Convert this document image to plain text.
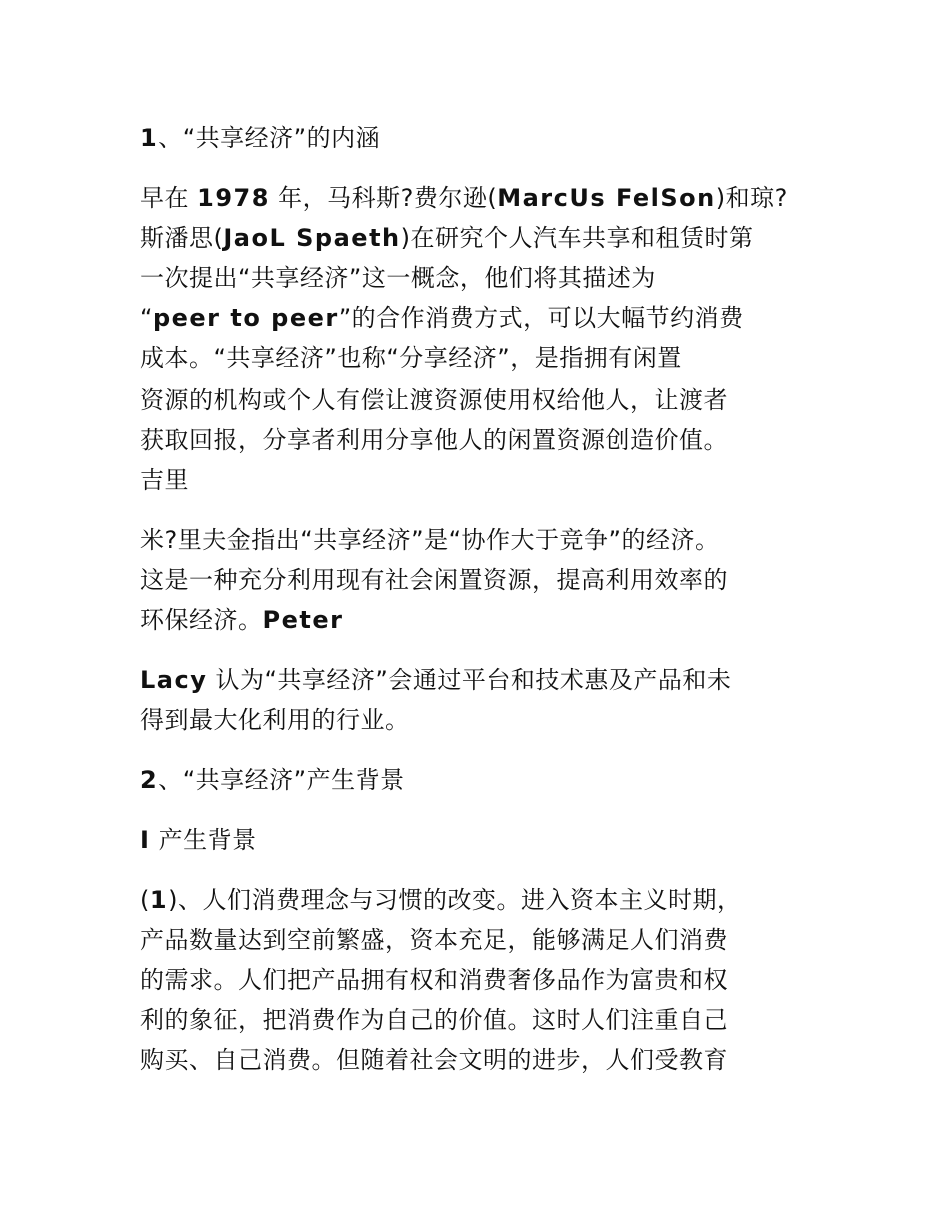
1、“共享经济”的内涵

早在 1978 年，马科斯?费尔逊(MarcUs FelSon)和琼?

斯潘思(JaoL Spaeth)在研究个人汽车共享和租赁时第

一次提出“共享经济”这一概念，他们将其描述为

“peer to peer”的合作消费方式，可以大幅节约消费

成本。“共享经济”也称“分享经济”，是指拥有闲置

资源的机构或个人有偿让渡资源使用权给他人，让渡者

获取回报，分享者利用分享他人的闲置资源创造价值。

吉里

米?里夫金指出“共享经济”是“协作大于竞争”的经济。

这是一种充分利用现有社会闲置资源，提高利用效率的

环保经济。Peter

Lacy 认为“共享经济”会通过平台和技术惠及产品和未

得到最大化利用的行业。

2、“共享经济”产生背景

I 产生背景

(1)、人们消费理念与习惯的改变。进入资本主义时期，

产品数量达到空前繁盛，资本充足，能够满足人们消费

的需求。人们把产品拥有权和消费奢侈品作为富贵和权

利的象征，把消费作为自己的价值。这时人们注重自己

购买、自己消费。但随着社会文明的进步，人们受教育
